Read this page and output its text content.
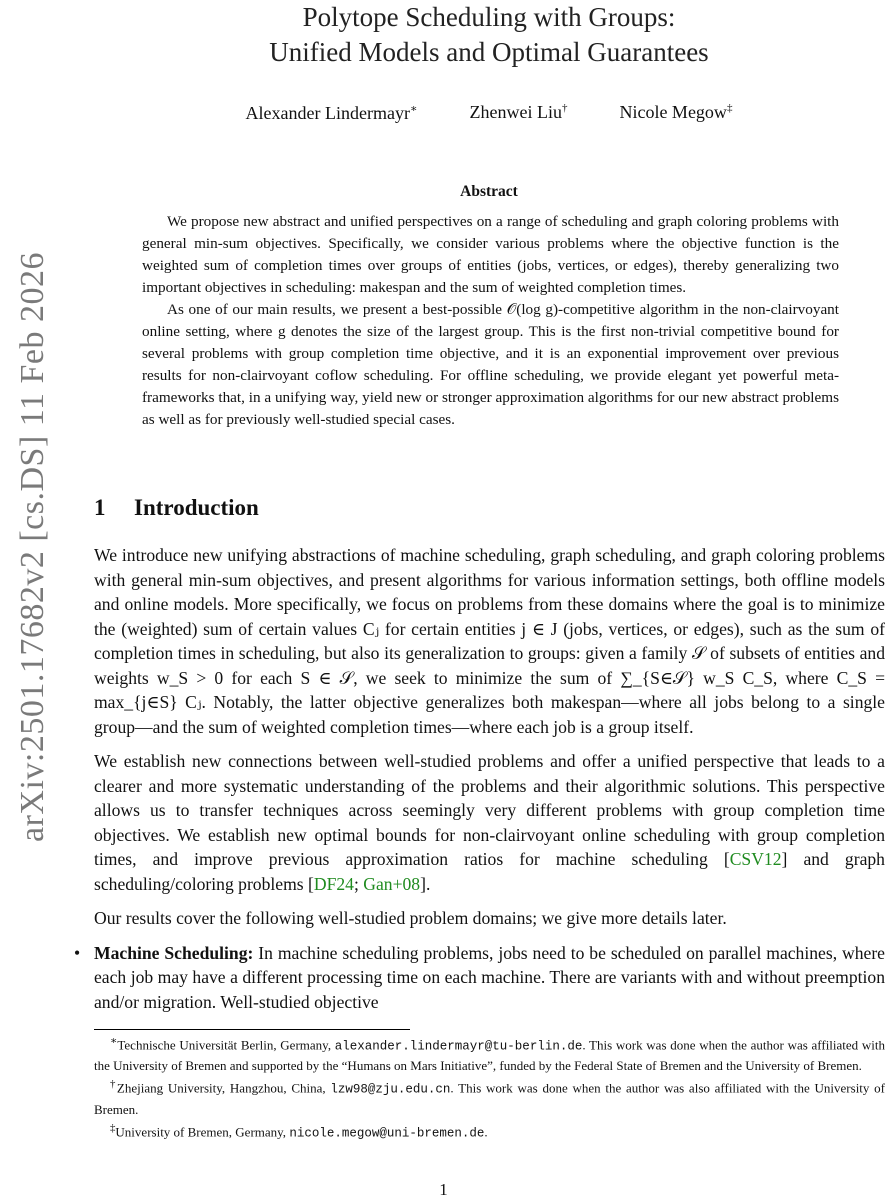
arXiv:2501.17682v2 [cs.DS] 11 Feb 2026
Polytope Scheduling with Groups:
Unified Models and Optimal Guarantees
Alexander Lindermayr∗	Zhenwei Liu†	Nicole Megow‡
Abstract

We propose new abstract and unified perspectives on a range of scheduling and graph coloring problems with general min-sum objectives. Specifically, we consider various problems where the objective function is the weighted sum of completion times over groups of entities (jobs, vertices, or edges), thereby generalizing two important objectives in scheduling: makespan and the sum of weighted completion times.

As one of our main results, we present a best-possible 𝒪(log g)-competitive algorithm in the non-clairvoyant online setting, where g denotes the size of the largest group. This is the first non-trivial competitive bound for several problems with group completion time objective, and it is an exponential improvement over previous results for non-clairvoyant coflow scheduling. For offline scheduling, we provide elegant yet powerful meta-frameworks that, in a unifying way, yield new or stronger approximation algorithms for our new abstract problems as well as for previously well-studied special cases.

1 Introduction

We introduce new unifying abstractions of machine scheduling, graph scheduling, and graph coloring problems with general min-sum objectives, and present algorithms for various information settings, both offline models and online models. More specifically, we focus on problems from these domains where the goal is to minimize the (weighted) sum of certain values Cⱼ for certain entities j ∈ J (jobs, vertices, or edges), such as the sum of completion times in scheduling, but also its generalization to groups: given a family 𝒮 of subsets of entities and weights w_S > 0 for each S ∈ 𝒮, we seek to minimize the sum of ∑_{S∈𝒮} w_S C_S, where C_S = max_{j∈S} Cⱼ. Notably, the latter objective generalizes both makespan—where all jobs belong to a single group—and the sum of weighted completion times—where each job is a group itself.

We establish new connections between well-studied problems and offer a unified perspective that leads to a clearer and more systematic understanding of the problems and their algorithmic solutions. This perspective allows us to transfer techniques across seemingly very different problems with group completion time objectives. We establish new optimal bounds for non-clairvoyant online scheduling with group completion times, and improve previous approximation ratios for machine scheduling [CSV12] and graph scheduling/coloring problems [DF24; Gan+08].

Our results cover the following well-studied problem domains; we give more details later.

• Machine Scheduling: In machine scheduling problems, jobs need to be scheduled on parallel machines, where each job may have a different processing time on each machine. There are variants with and without preemption and/or migration. Well-studied objective

∗Technische Universität Berlin, Germany, alexander.lindermayr@tu-berlin.de. This work was done when the author was affiliated with the University of Bremen and supported by the “Humans on Mars Initiative”, funded by the Federal State of Bremen and the University of Bremen.

†Zhejiang University, Hangzhou, China, lzw98@zju.edu.cn. This work was done when the author was also affiliated with the University of Bremen.

‡University of Bremen, Germany, nicole.megow@uni-bremen.de.

1
